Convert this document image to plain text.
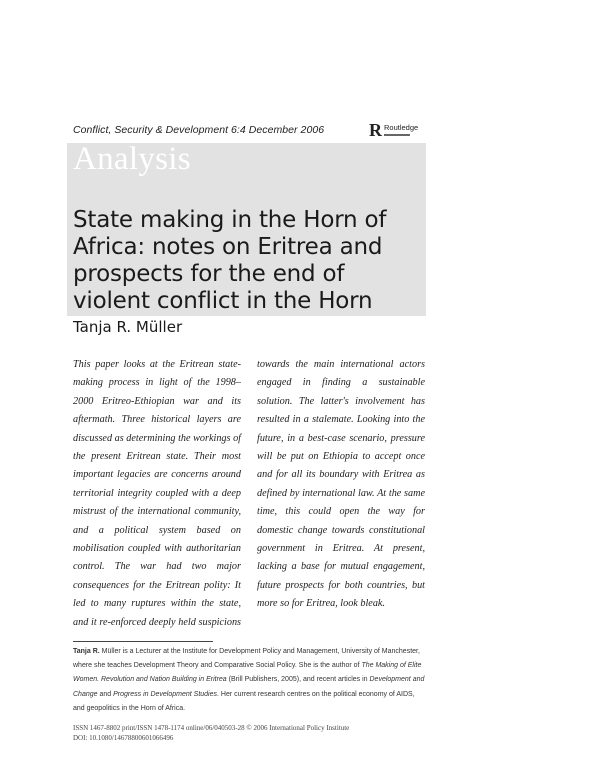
Conflict, Security & Development 6:4 December 2006 R Routledge
Analysis
State making in the Horn of Africa: notes on Eritrea and prospects for the end of violent conflict in the Horn
Tanja R. Müller
This paper looks at the Eritrean state-making process in light of the 1998–2000 Eritreo-Ethiopian war and its aftermath. Three historical layers are discussed as determining the workings of the present Eritrean state. Their most important legacies are concerns around territorial integrity coupled with a deep mistrust of the international community, and a political system based on mobilisation coupled with authoritarian control. The war had two major consequences for the Eritrean polity: It led to many ruptures within the state, and it re-enforced deeply held suspicions towards the main international actors engaged in finding a sustainable solution. The latter's involvement has resulted in a stalemate. Looking into the future, in a best-case scenario, pressure will be put on Ethiopia to accept once and for all its boundary with Eritrea as defined by international law. At the same time, this could open the way for domestic change towards constitutional government in Eritrea. At present, lacking a base for mutual engagement, future prospects for both countries, but more so for Eritrea, look bleak.
Tanja R. Müller is a Lecturer at the Institute for Development Policy and Management, University of Manchester, where she teaches Development Theory and Comparative Social Policy. She is the author of The Making of Elite Women. Revolution and Nation Building in Eritrea (Brill Publishers, 2005), and recent articles in Development and Change and Progress in Development Studies. Her current research centres on the political economy of AIDS, and geopolitics in the Horn of Africa.
ISSN 1467-8802 print/ISSN 1478-1174 online/06/040503-28 © 2006 International Policy Institute
DOI: 10.1080/14678800601066496
